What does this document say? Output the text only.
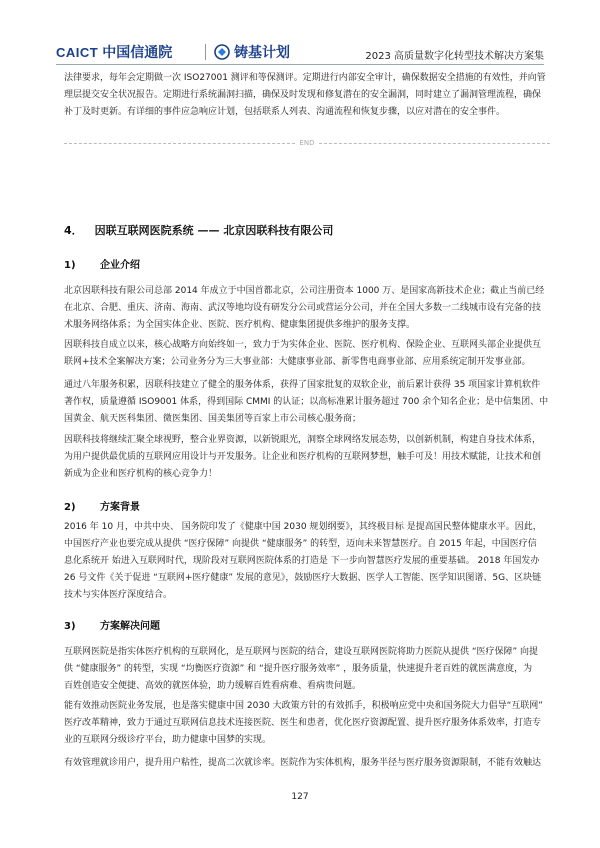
CAICT 中国信通院	铸基计划	2023 高质量数字化转型技术解决方案集

法律要求，每年会定期做一次 ISO27001 测评和等保测评。定期进行内部安全审计，确保数据安全措施的有效性，并向管
理层提交安全状况报告。定期进行系统漏洞扫描，确保及时发现和修复潜在的安全漏洞，同时建立了漏洞管理流程，确保
补丁及时更新。有详细的事件应急响应计划，包括联系人列表、沟通流程和恢复步骤，以应对潜在的安全事件。

END
4． 因联互联网医院系统 —— 北京因联科技有限公司
1) 企业介绍

北京因联科技有限公司总部 2014 年成立于中国首都北京，公司注册资本 1000 万、是国家高新技术企业；截止当前已经
在北京、合肥、重庆、济南、海南、武汉等地均设有研发分公司或营运分公司，并在全国大多数一二线城市设有完备的技
术服务网络体系；为全国实体企业、医院、医疗机构、健康集团提供多维护的服务支撑。

因联科技自成立以来，核心战略方向始终如一，致力于为实体企业、医院、医疗机构、保险企业、互联网头部企业提供互
联网+技术全案解决方案；公司业务分为三大事业部：大健康事业部、新零售电商事业部、应用系统定制开发事业部。

通过八年服务积累，因联科技建立了健全的服务体系，获得了国家批复的双软企业，前后累计获得 35 项国家计算机软件
著作权，质量遵循 ISO9001 体系，得到国际 CMMI 的认证；以高标准累计服务超过 700 余个知名企业；是中信集团、中
国黄金、航天医科集团、微医集团、国美集团等百家上市公司核心服务商；

因联科技将继续汇聚全球视野，整合业界资源，以新锐眼光，洞察全球网络发展态势，以创新机制，构建自身技术体系，
为用户提供最优质的互联网应用设计与开发服务。让企业和医疗机构的互联网梦想，触手可及！用技术赋能，让技术和创
新成为企业和医疗机构的核心竞争力！

2) 方案背景

2016 年 10 月，中共中央、 国务院印发了《健康中国 2030 规划纲要》，其终极目标 是提高国民整体健康水平。因此，
中国医疗产业也要完成从提供 “医疗保障” 向提供 “健康服务” 的转型，迈向未来智慧医疗。自 2015 年起，中国医疗信
息化系统开 始进入互联网时代，现阶段对互联网医院体系的打造是 下一步向智慧医疗发展的重要基础。 2018 年国发办
26 号文件《关于促进 “互联网+医疗健康” 发展的意见》，鼓励医疗大数据、医学人工智能、医学知识图谱、5G、区块链
技术与实体医疗深度结合。

3) 方案解决问题

互联网医院是指实体医疗机构的互联网化，是互联网与医院的结合，建设互联网医院将助力医院从提供 “医疗保障” 向提
供 “健康服务” 的转型，实现 “均衡医疗资源” 和 “提升医疗服务效率” ，服务质量，快速提升老百姓的就医满意度，为
百姓创造安全便捷、高效的就医体验，助力缓解百姓看病难、看病贵问题。

能有效推动医院业务发展，也是落实健康中国 2030 大政策方针的有效抓手，积极响应党中央和国务院大力倡导“互联网”
医疗改革精神，致力于通过互联网信息技术连接医院、医生和患者，优化医疗资源配置、提升医疗服务体系效率，打造专
业的互联网分级诊疗平台，助力健康中国梦的实现。

有效管理就诊用户，提升用户粘性，提高二次就诊率。医院作为实体机构，服务半径与医疗服务资源限制，不能有效触达

127
